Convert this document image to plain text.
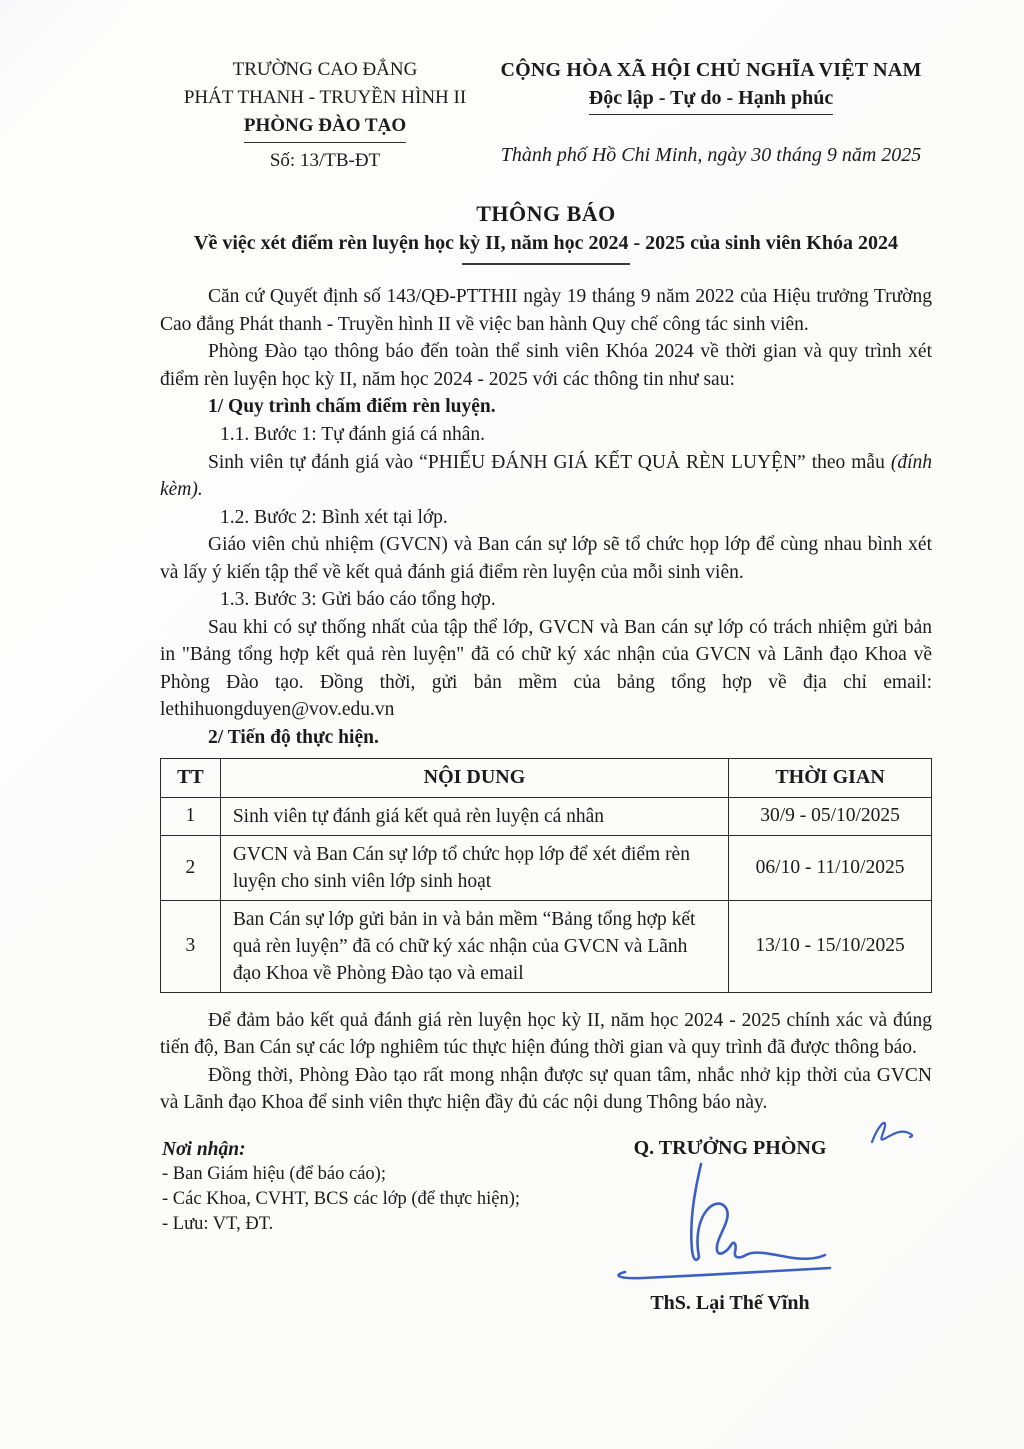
TRƯỜNG CAO ĐẲNG
PHÁT THANH - TRUYỀN HÌNH II
PHÒNG ĐÀO TẠO
Số: 13/TB-ĐT
CỘNG HÒA XÃ HỘI CHỦ NGHĨA VIỆT NAM
Độc lập - Tự do - Hạnh phúc
Thành phố Hồ Chi Minh, ngày 30 tháng 9 năm 2025
THÔNG BÁO
Về việc xét điểm rèn luyện học kỳ II, năm học 2024 - 2025 của sinh viên Khóa 2024

Căn cứ Quyết định số 143/QĐ-PTTHII ngày 19 tháng 9 năm 2022 của Hiệu trưởng Trường Cao đẳng Phát thanh - Truyền hình II về việc ban hành Quy chế công tác sinh viên.

Phòng Đào tạo thông báo đến toàn thể sinh viên Khóa 2024 về thời gian và quy trình xét điểm rèn luyện học kỳ II, năm học 2024 - 2025 với các thông tin như sau:

1/ Quy trình chấm điểm rèn luyện.

1.1. Bước 1: Tự đánh giá cá nhân.

Sinh viên tự đánh giá vào “PHIẾU ĐÁNH GIÁ KẾT QUẢ RÈN LUYỆN” theo mẫu (đính kèm).

1.2. Bước 2: Bình xét tại lớp.

Giáo viên chủ nhiệm (GVCN) và Ban cán sự lớp sẽ tổ chức họp lớp để cùng nhau bình xét và lấy ý kiến tập thể về kết quả đánh giá điểm rèn luyện của mỗi sinh viên.

1.3. Bước 3: Gửi báo cáo tổng hợp.

Sau khi có sự thống nhất của tập thể lớp, GVCN và Ban cán sự lớp có trách nhiệm gửi bản in "Bảng tổng hợp kết quả rèn luyện" đã có chữ ký xác nhận của GVCN và Lãnh đạo Khoa về Phòng Đào tạo. Đồng thời, gửi bản mềm của bảng tổng hợp về địa chỉ email: lethihuongduyen@vov.edu.vn

2/ Tiến độ thực hiện.

TT	NỘI DUNG	THỜI GIAN
1	Sinh viên tự đánh giá kết quả rèn luyện cá nhân	30/9 - 05/10/2025
2	GVCN và Ban Cán sự lớp tổ chức họp lớp để xét điểm rèn luyện cho sinh viên lớp sinh hoạt	06/10 - 11/10/2025
3	Ban Cán sự lớp gửi bản in và bản mềm “Bảng tổng hợp kết quả rèn luyện” đã có chữ ký xác nhận của GVCN và Lãnh đạo Khoa về Phòng Đào tạo và email	13/10 - 15/10/2025

Để đảm bảo kết quả đánh giá rèn luyện học kỳ II, năm học 2024 - 2025 chính xác và đúng tiến độ, Ban Cán sự các lớp nghiêm túc thực hiện đúng thời gian và quy trình đã được thông báo.

Đồng thời, Phòng Đào tạo rất mong nhận được sự quan tâm, nhắc nhở kịp thời của GVCN và Lãnh đạo Khoa để sinh viên thực hiện đầy đủ các nội dung Thông báo này.

Nơi nhận:
- Ban Giám hiệu (để báo cáo);
- Các Khoa, CVHT, BCS các lớp (để thực hiện);
- Lưu: VT, ĐT.
Q. TRƯỞNG PHÒNG
ThS. Lại Thế Vĩnh
